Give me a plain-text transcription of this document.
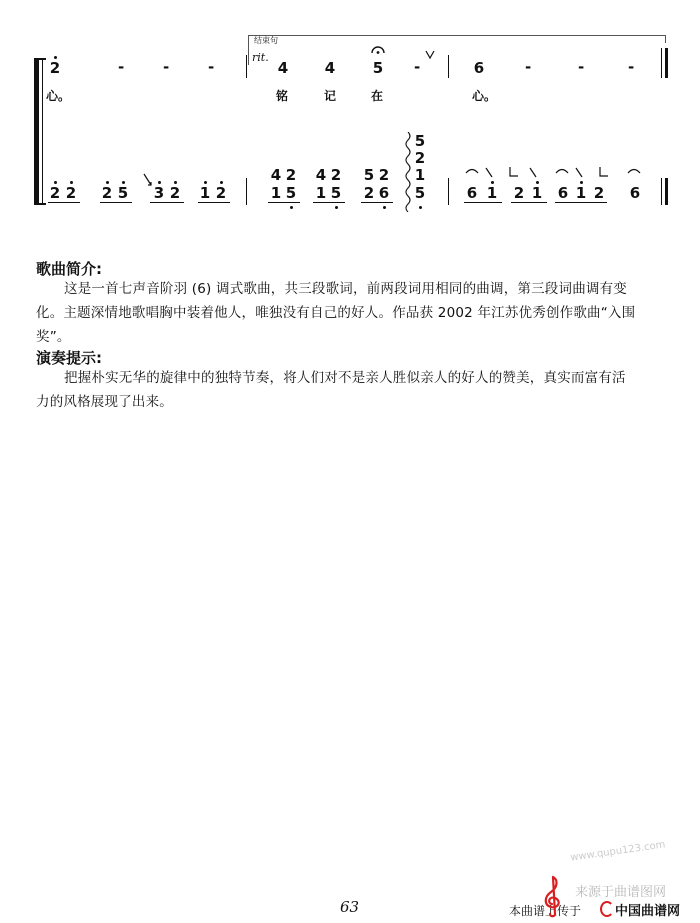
结束句
rit.
2	-	-	-	4 4	5 -	6	-	-	-
心。	铭	记	在	心。
2 2 2 5 3 2 1 2
4 2 4 2 5 2
1 5 1 5 2 6
5
2
1
5	6 1 2 1 6 1 2 6
歌曲简介:
这是一首七声音阶羽 (6) 调式歌曲，共三段歌词，前两段词用相同的曲调，第三段词曲调有变
化。主题深情地歌唱胸中装着他人，唯独没有自己的好人。作品获 2002 年江苏优秀创作歌曲“入围
奖”。
演奏提示:
把握朴实无华的旋律中的独特节奏，将人们对不是亲人胜似亲人的好人的赞美，真实而富有活
力的风格展现了出来。
来源于曲谱图网
www.qupu123.com
63	本曲谱上传于	中国曲谱网
